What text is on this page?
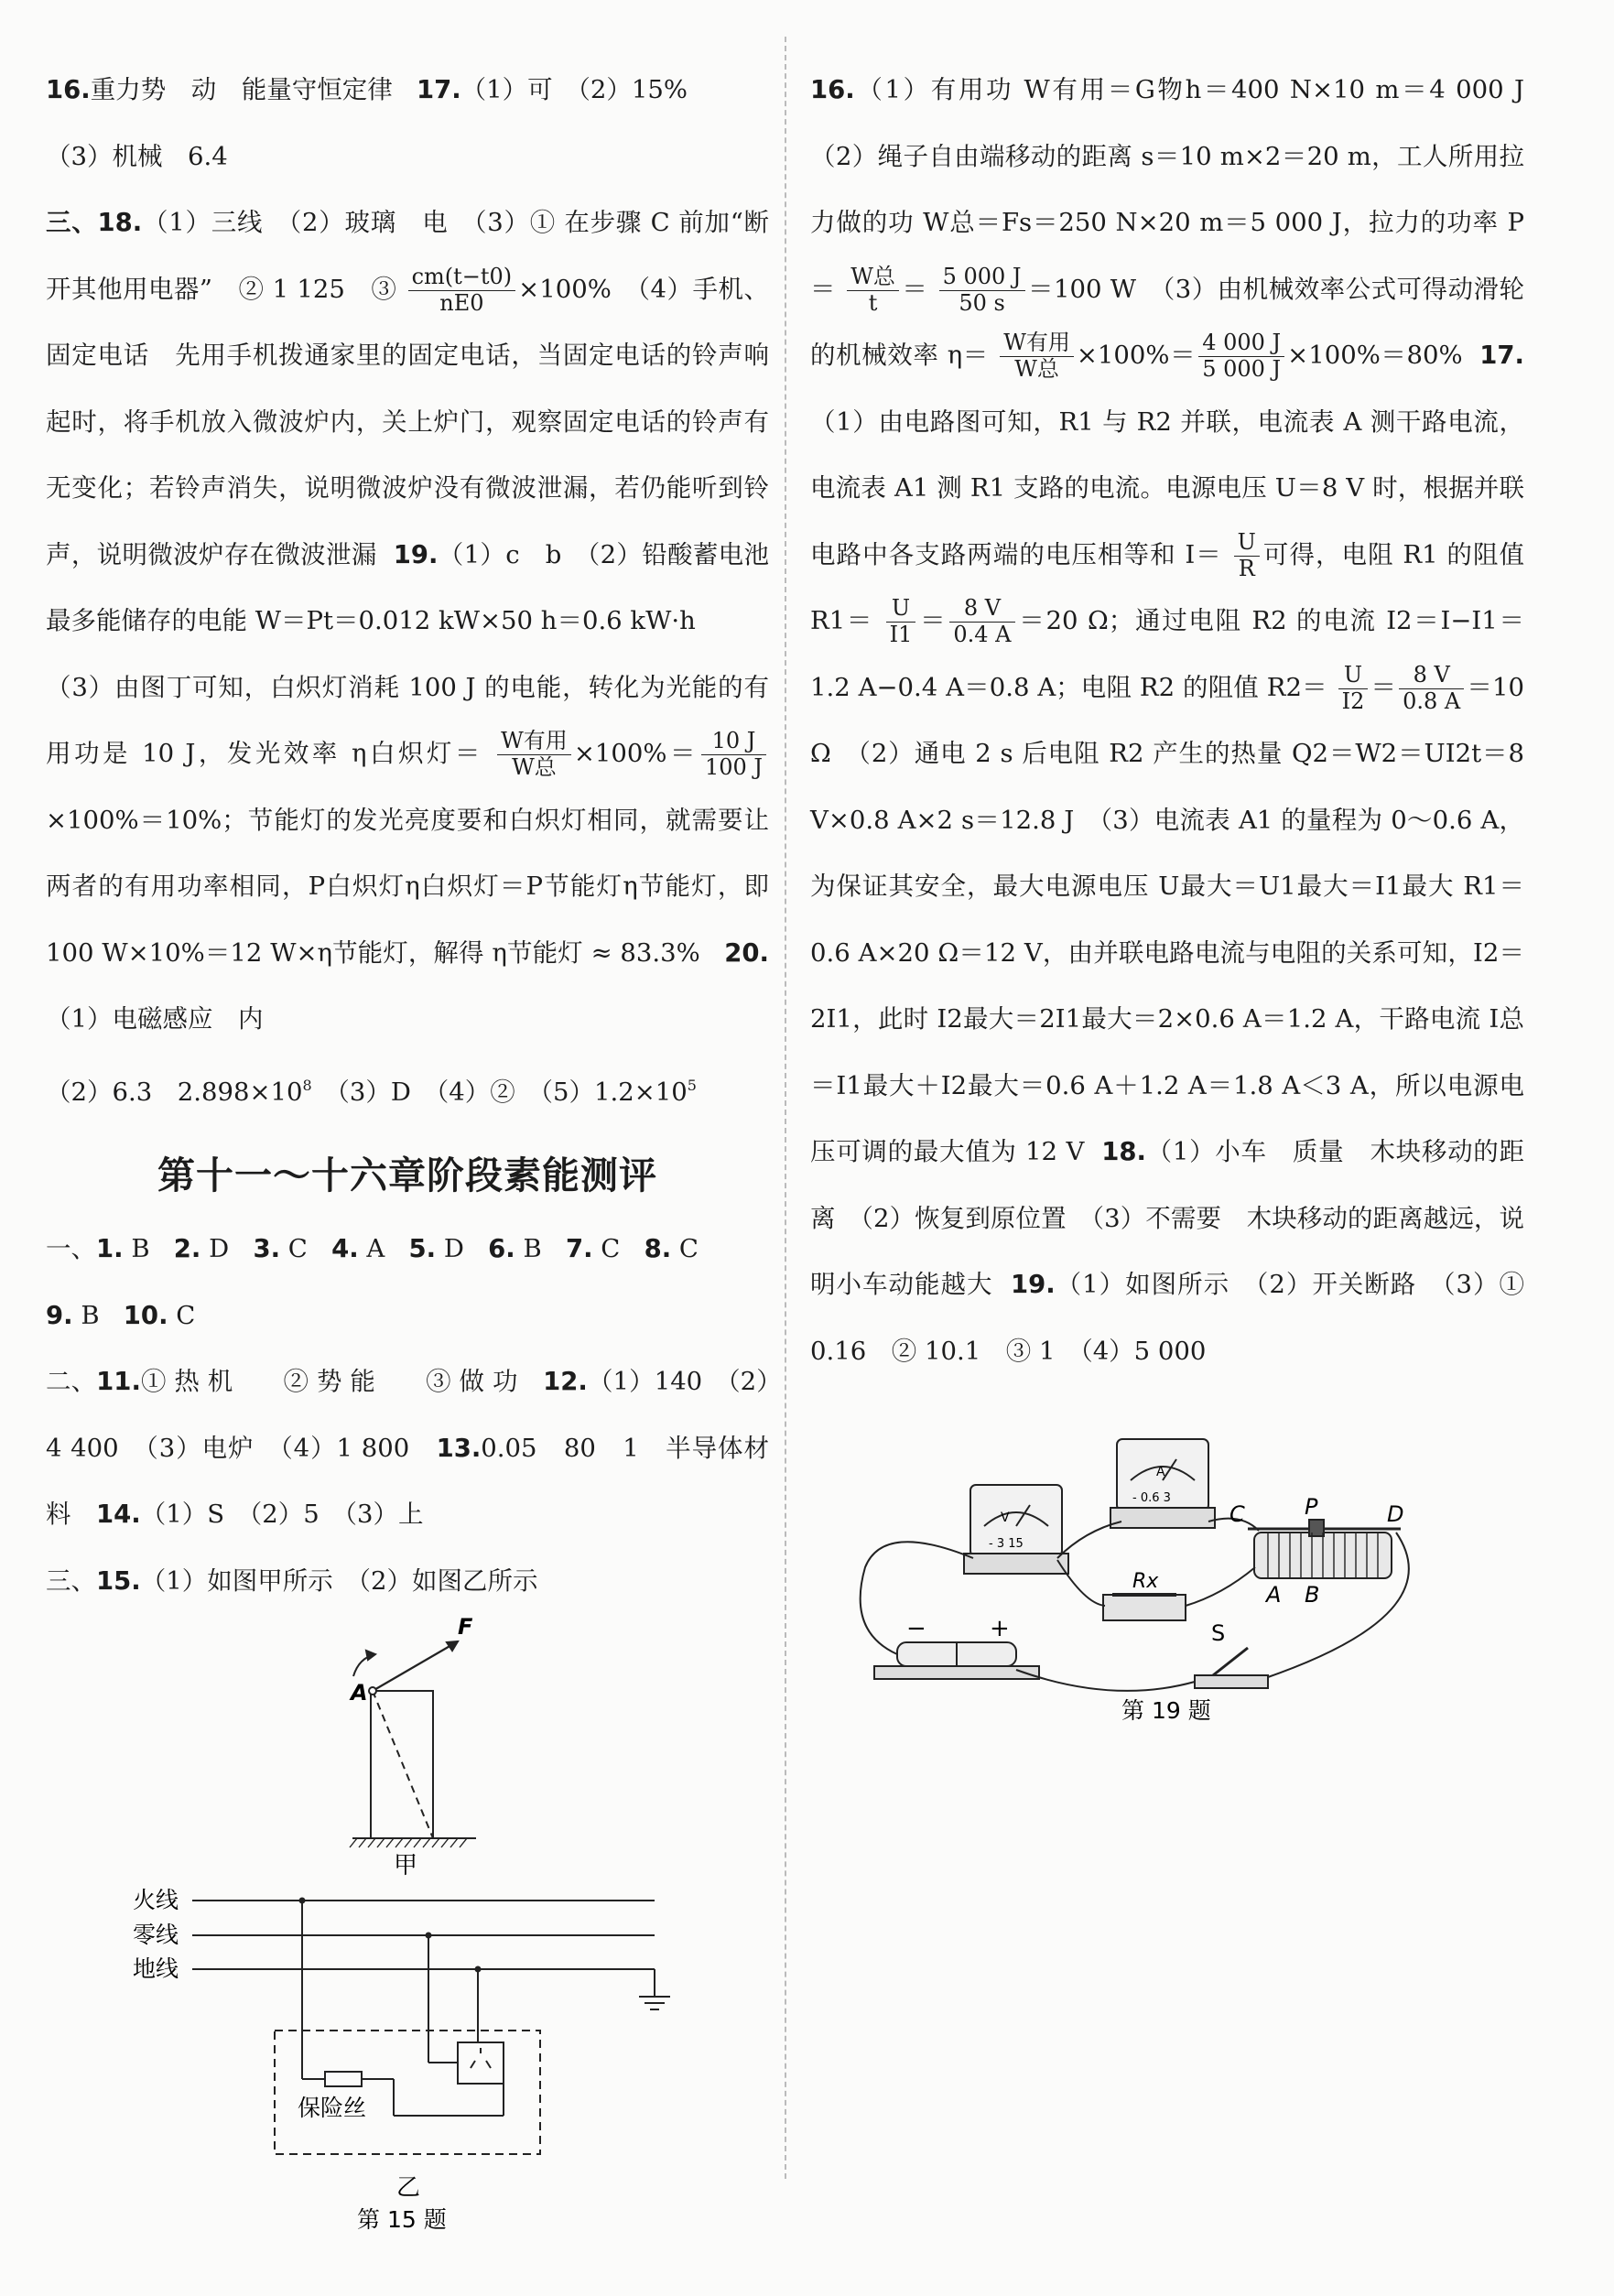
16.重力势　动　能量守恒定律 17.（1）可　（2）15%
（3）机械　6.4

三、18.（1）三线　（2）玻璃　电　（3）① 在步骤 C 前加“断开其他用电器”　② 1 125　③ $\frac{cm(t-t0)}{nE0} \times 100\%$　（4）手机、固定电话　先用手机拨通家里的固定电话，当固定电话的铃声响起时，将手机放入微波炉内，关上炉门，观察固定电话的铃声有无变化；若铃声消失，说明微波炉没有微波泄漏，若仍能听到铃声，说明微波炉存在微波泄漏 19.（1）c　b　（2）铅酸蓄电池最多能储存的电能 W＝Pt＝0.012 kW×50 h＝0.6 kW·h
（3）由图丁可知，白炽灯消耗 100 J 的电能，转化为光能的有用功是 10 J，发光效率 η白炽灯＝ W有用
W总 $\times 100\%= \frac{10 J}{100 J}$
×100%＝10%；节能灯的发光亮度要和白炽灯相同，就需要让两者的有用功率相同，P白炽灯η白炽灯＝P节能灯η节能灯，即 100 W×10%＝12 W×η节能灯，解得 η节能灯 ≈ 83.3% 20.（1）电磁感应　内
（2）6.3　$2.898\times 10^8$　（3）D　（4）②　$(5)1.2\times 10^5$

第十一～十六章阶段素能测评

一、1. B 2. D 3. C 4. A 5. D 6. B 7. C 8. C
9. B 10. C

二、11.① 热 机　　② 势 能　　③ 做 功　 12.（1）140　（2）4 400　（3）电炉　（4）1 800　 13.0.05　80　1　半导体材料　 14.（1）S　（2）5　（3）上

三、15.（1）如图甲所示　（2）如图乙所示

F
A
甲
火线
零线
地线
保险丝
乙
第 15 题

16.（1）有用功 W有用＝G物h＝400 N×10 m＝4 000 J　（2）绳子自由端移动的距离 s＝10 m×2＝20 m，工人所用拉力做的功 W总＝Fs＝250 N×20 m＝5 000 J，拉力的功率 P＝ W总
$t = \frac{5 000 J}{50 s} =100$ W　（3）由机械效率公式可得动滑轮的机械效率 η＝ W有用
W总 $\times 100\%= \frac{4 000 J}{5 000 J} \times 100\%=80\%$ 17.（1）由电路图可知，R1 与 R2 并联，电流表 A 测干路电流，电流表 A1 测 R1 支路的电流。电源电压 U＝8 V 时，根据并联电路中各支路两端的电压相等和 $I= \frac{U}{R}$ 可得，电阻 R1 的阻值 $R1= \frac{U}{I1} = \frac{8 V}{0.4 A} =20$ Ω；通过电阻 R2 的电流 I2＝I−I1＝1.2 A−0.4 A＝0.8 A；电阻 R2 的阻值 $R2= \frac{U}{I2} = \frac{8 V}{0.8 A} =10$ Ω　（2）通电 2 s 后电阻 R2 产生的热量 Q2＝W2＝UI2t＝8 V×0.8 A×2 s＝12.8 J　（3）电流表 A1 的量程为 0～0.6 A，为保证其安全，最大电源电压 U最大＝U1最大＝I1最大 R1＝0.6 A×20 Ω＝12 V，由并联电路电流与电阻的关系可知，I2＝2I1，此时 I2最大＝2I1最大＝2×0.6 A＝1.2 A，干路电流 I总＝I1最大＋I2最大＝0.6 A＋1.2 A＝1.8 A＜3 A，所以电源电压可调的最大值为 12 V 18.（1）小车　质量　木块移动的距离　（2）恢复到原位置　（3）不需要　木块移动的距离越远，说明小车动能越大 19.（1）如图所示　（2）开关断路　（3）① 0.16　② 10.1　③ 1　（4）5 000

V
- 3 15
A
- 0.6 3
C	P	D
A B
S
Rx
−	+
第 19 题
